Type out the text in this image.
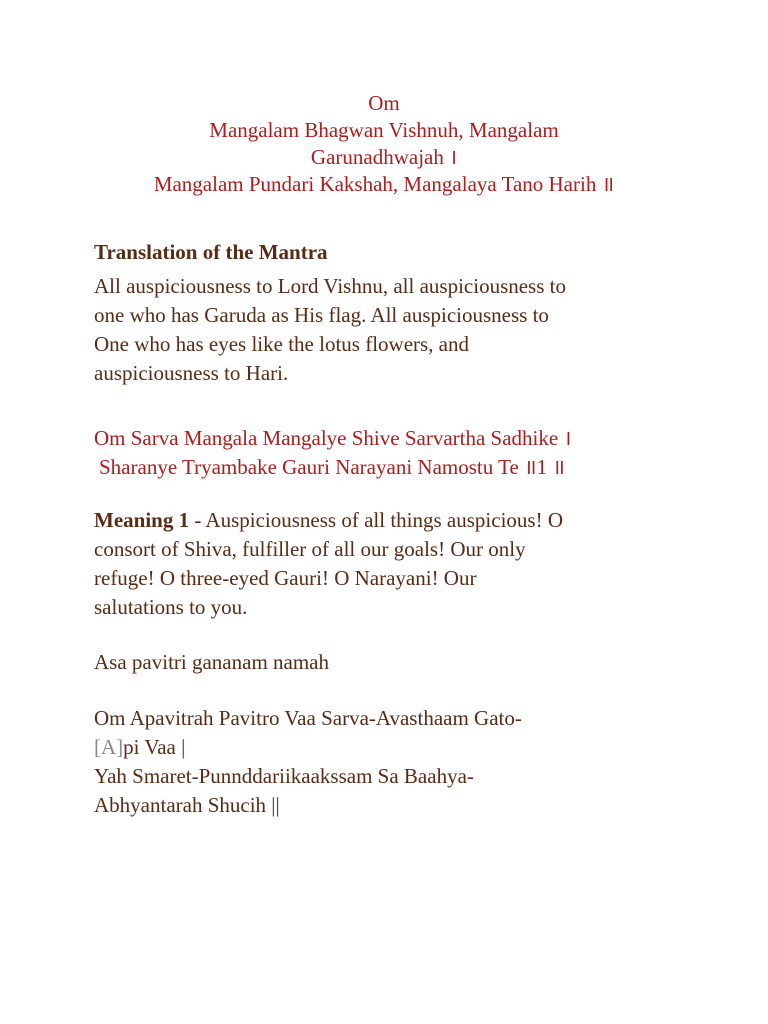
Om
Mangalam Bhagwan Vishnuh, Mangalam
Garunadhwajah ।
Mangalam Pundari Kakshah, Mangalaya Tano Harih ॥
Translation of the Mantra
All auspiciousness to Lord Vishnu, all auspiciousness to
one who has Garuda as His flag. All auspiciousness to
One who has eyes like the lotus flowers, and
auspiciousness to Hari.
Om Sarva Mangala Mangalye Shive Sarvartha Sadhike ।
Sharanye Tryambake Gauri Narayani Namostu Te ॥1 ॥
Meaning 1 - Auspiciousness of all things auspicious! O
consort of Shiva, fulfiller of all our goals! Our only
refuge! O three-eyed Gauri! O Narayani! Our
salutations to you.
Asa pavitri gananam namah
Om Apavitrah Pavitro Vaa Sarva-Avasthaam Gato-
[A]pi Vaa |
Yah Smaret-Punnddariikaakssam Sa Baahya-
Abhyantarah Shucih ||
